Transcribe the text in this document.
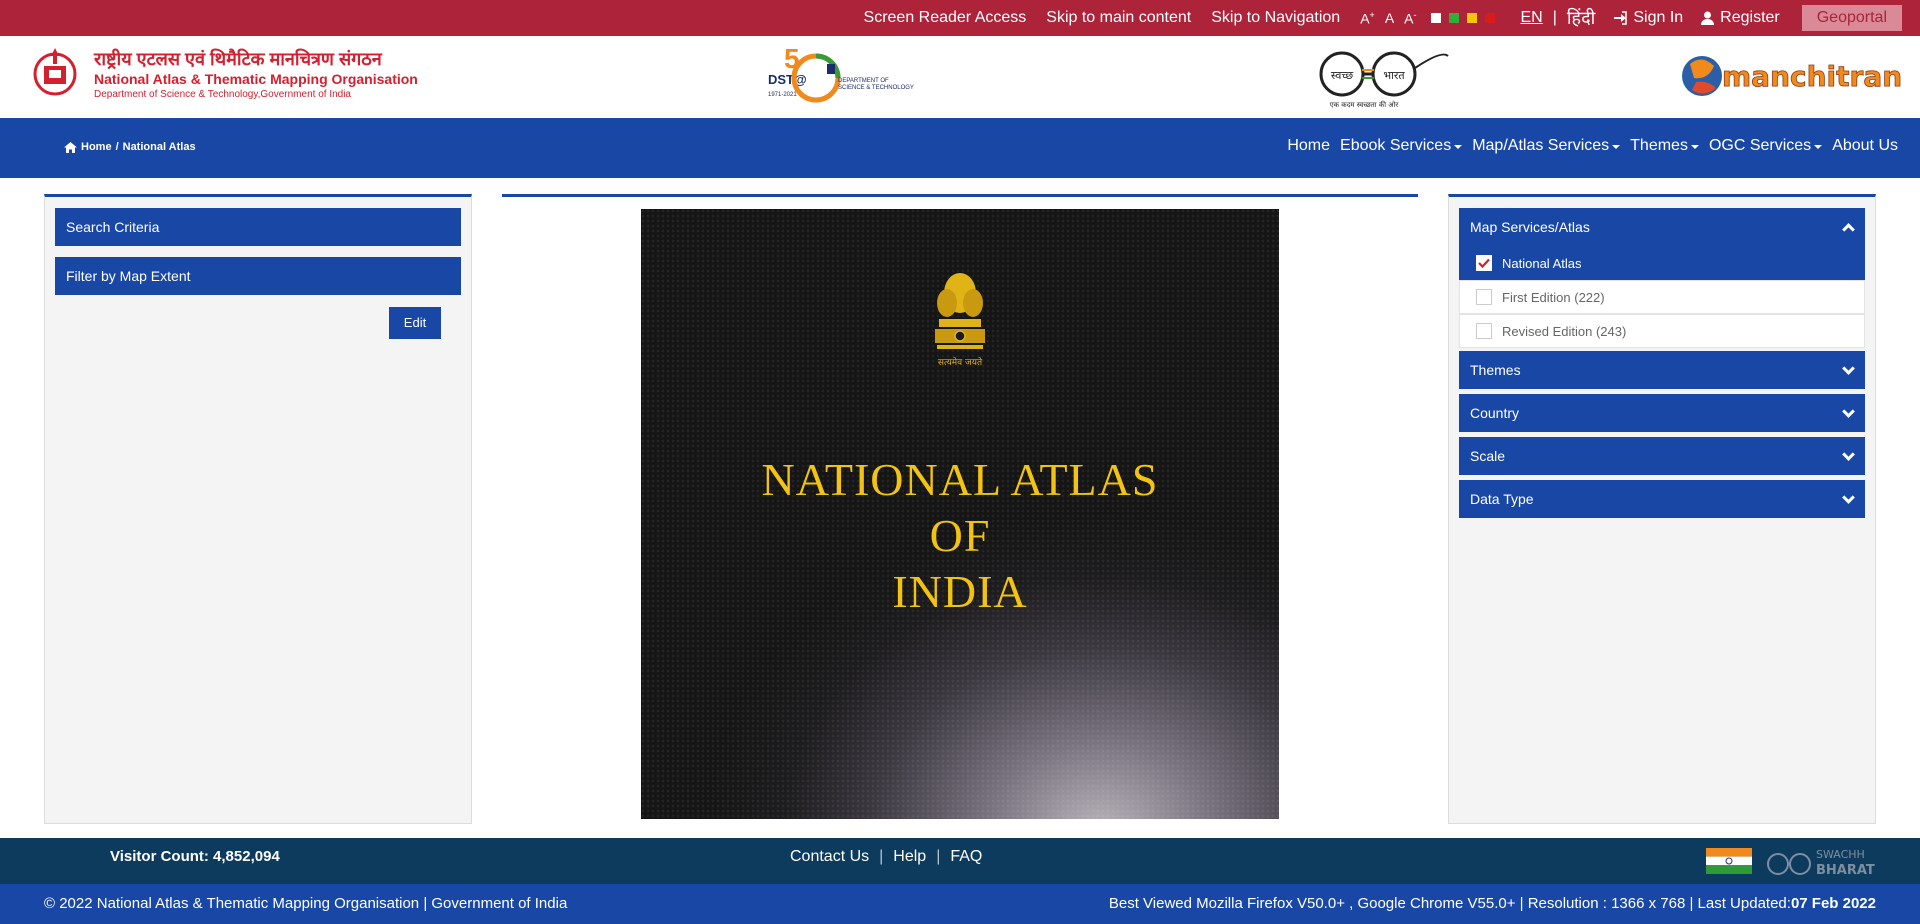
Screen Reader Access Skip to main content Skip to Navigation A+ A A-	EN | हिंदी Sign In Register	Geoportal
राष्ट्रीय एटलस एवं थिमैटिक मानचित्रण संगठन
National Atlas & Thematic Mapping Organisation
Department of Science & Technology,Government of India
DST@
5
1971-2021
DEPARTMENT OF
SCIENCE & TECHNOLOGY
स्वच्छ	भारत
एक कदम स्वच्छता की ओर
manchitran
Home / National Atlas	Home Ebook Services Map/Atlas Services Themes OGC Services About Us
Search Criteria
Filter by Map Extent
Edit
सत्यमेव जयते
NATIONAL ATLAS
OF
INDIA
Map Services/Atlas
National Atlas
First Edition (222)
Revised Edition (243)
Themes
Country
Scale
Data Type
Visitor Count: 4,852,094	Contact Us | Help | FAQ	SWACHH
BHARAT
© 2022 National Atlas & Thematic Mapping Organisation | Government of India	Best Viewed Mozilla Firefox V50.0+ , Google Chrome V55.0+ | Resolution : 1366 x 768 | Last Updated:07 Feb 2022
